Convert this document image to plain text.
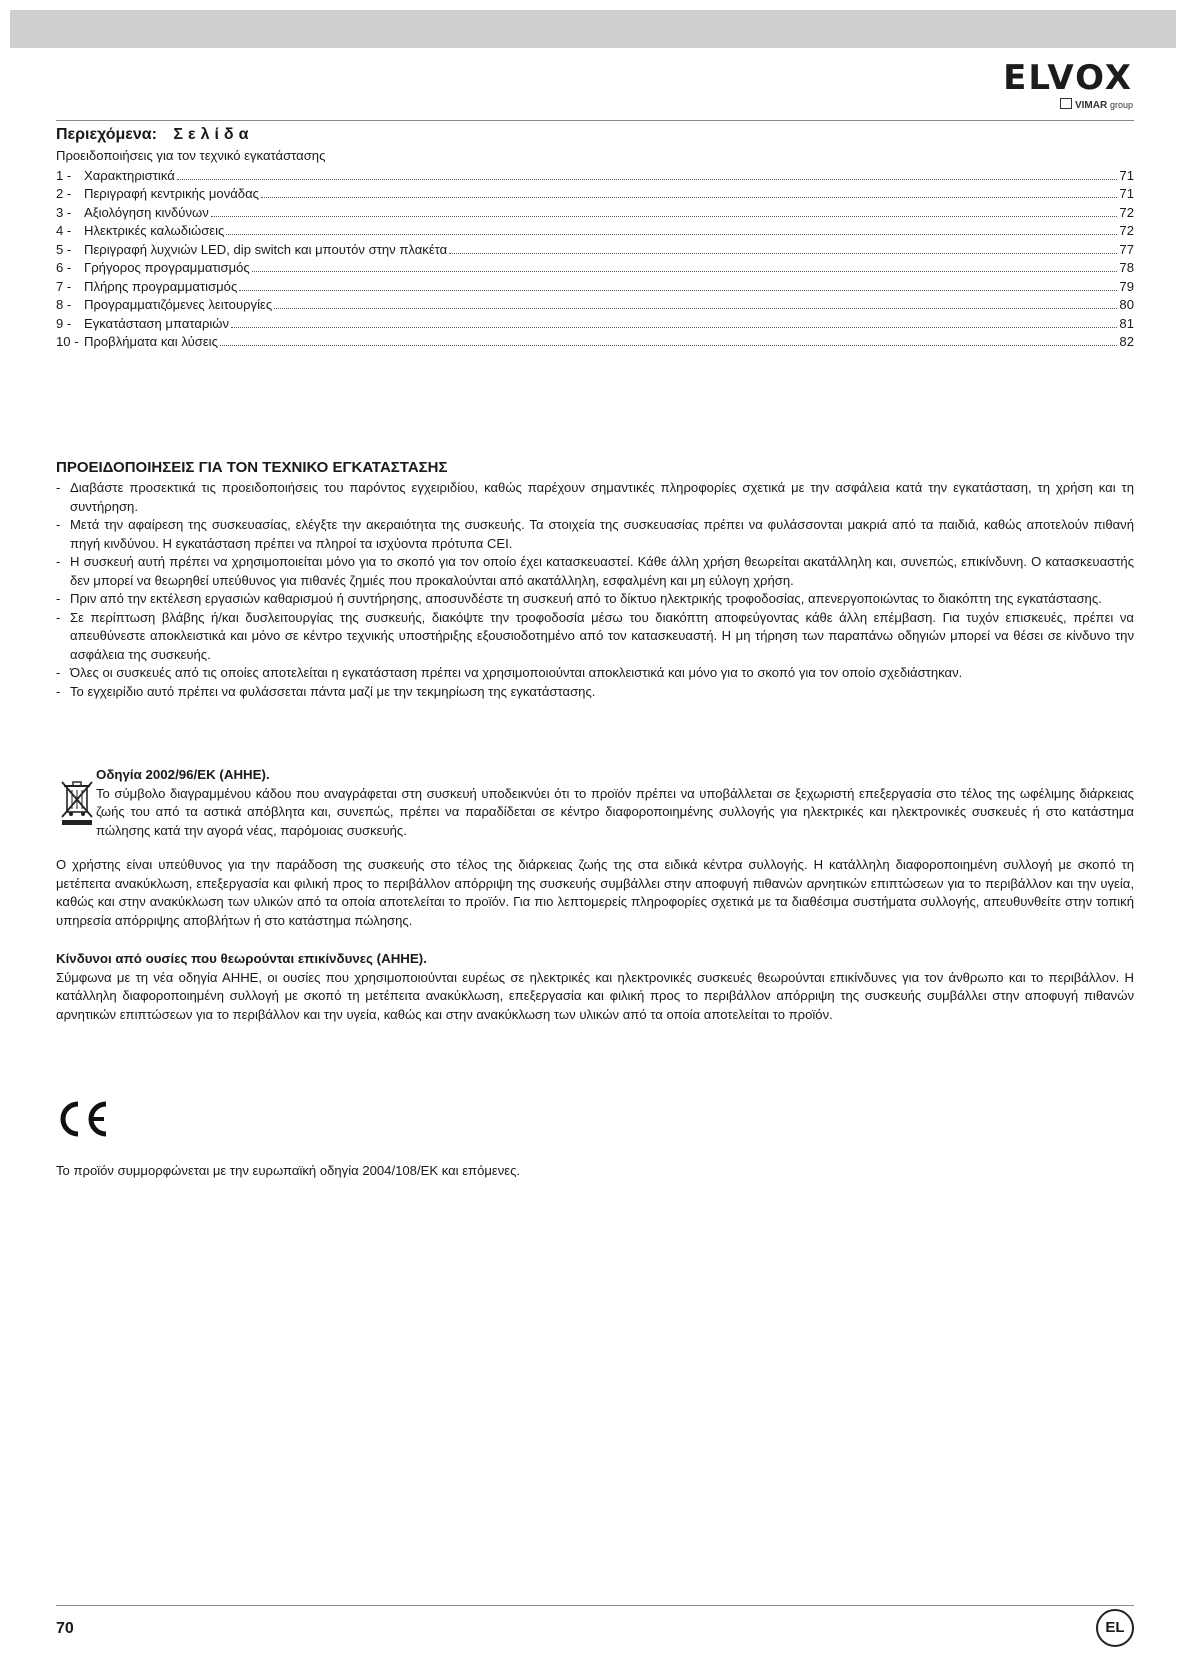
ELVOX
VIMAR group
Περιεχόμενα: Σελίδα
Προειδοποιήσεις για τον τεχνικό εγκατάστασης
1 - Χαρακτηριστικά	71
2 - Περιγραφή κεντρικής μονάδας	71
3 - Αξιολόγηση κινδύνων	72
4 - Ηλεκτρικές καλωδιώσεις	72
5 - Περιγραφή λυχνιών LED, dip switch και μπουτόν στην πλακέτα	77
6 - Γρήγορος προγραμματισμός	78
7 - Πλήρης προγραμματισμός	79
8 - Προγραμματιζόμενες λειτουργίες	80
9 - Εγκατάσταση μπαταριών	81
10 - Προβλήματα και λύσεις	82
ΠΡΟΕΙΔΟΠΟΙΗΣΕΙΣ ΓΙΑ ΤΟΝ ΤΕΧΝΙΚΟ ΕΓΚΑΤΑΣΤΑΣΗΣ
- Διαβάστε προσεκτικά τις προειδοποιήσεις του παρόντος εγχειριδίου, καθώς παρέχουν σημαντικές πληροφορίες σχετικά με την ασφάλεια κατά την εγκατάσταση, τη χρήση και τη συντήρηση.
- Μετά την αφαίρεση της συσκευασίας, ελέγξτε την ακεραιότητα της συσκευής. Τα στοιχεία της συσκευασίας πρέπει να φυλάσσονται μακριά από τα παιδιά, καθώς αποτελούν πιθανή πηγή κινδύνου. Η εγκατάσταση πρέπει να πληροί τα ισχύοντα πρότυπα CEI.
- Η συσκευή αυτή πρέπει να χρησιμοποιείται μόνο για το σκοπό για τον οποίο έχει κατασκευαστεί. Κάθε άλλη χρήση θεωρείται ακατάλληλη και, συνεπώς, επικίνδυνη. Ο κατασκευαστής δεν μπορεί να θεωρηθεί υπεύθυνος για πιθανές ζημιές που προκαλούνται από ακατάλληλη, εσφαλμένη και μη εύλογη χρήση.
- Πριν από την εκτέλεση εργασιών καθαρισμού ή συντήρησης, αποσυνδέστε τη συσκευή από το δίκτυο ηλεκτρικής τροφοδοσίας, απενεργοποιώντας το διακόπτη της εγκατάστασης.
- Σε περίπτωση βλάβης ή/και δυσλειτουργίας της συσκευής, διακόψτε την τροφοδοσία μέσω του διακόπτη αποφεύγοντας κάθε άλλη επέμβαση. Για τυχόν επισκευές, πρέπει να απευθύνεστε αποκλειστικά και μόνο σε κέντρο τεχνικής υποστήριξης εξουσιοδοτημένο από τον κατασκευαστή. Η μη τήρηση των παραπάνω οδηγιών μπορεί να θέσει σε κίνδυνο την ασφάλεια της συσκευής.
- Όλες οι συσκευές από τις οποίες αποτελείται η εγκατάσταση πρέπει να χρησιμοποιούνται αποκλειστικά και μόνο για το σκοπό για τον οποίο σχεδιάστηκαν.
- Το εγχειρίδιο αυτό πρέπει να φυλάσσεται πάντα μαζί με την τεκμηρίωση της εγκατάστασης.
Οδηγία 2002/96/ΕΚ (ΑΗΗΕ).

Το σύμβολο διαγραμμένου κάδου που αναγράφεται στη συσκευή υποδεικνύει ότι το προϊόν πρέπει να υποβάλλεται σε ξεχωριστή επεξεργασία στο τέλος της ωφέλιμης διάρκειας ζωής του από τα αστικά απόβλητα και, συνεπώς, πρέπει να παραδίδεται σε κέντρο διαφοροποιημένης συλλογής για ηλεκτρικές και ηλεκτρονικές συσκευές ή στο κατάστημα πώλησης κατά την αγορά νέας, παρόμοιας συσκευής.

Ο χρήστης είναι υπεύθυνος για την παράδοση της συσκευής στο τέλος της διάρκειας ζωής της στα ειδικά κέντρα συλλογής. Η κατάλληλη διαφοροποιημένη συλλογή με σκοπό τη μετέπειτα ανακύκλωση, επεξεργασία και φιλική προς το περιβάλλον απόρριψη της συσκευής συμβάλλει στην αποφυγή πιθανών αρνητικών επιπτώσεων για το περιβάλλον και την υγεία, καθώς και στην ανακύκλωση των υλικών από τα οποία αποτελείται το προϊόν. Για πιο λεπτομερείς πληροφορίες σχετικά με τα διαθέσιμα συστήματα συλλογής, απευθυνθείτε στην τοπική υπηρεσία απόρριψης αποβλήτων ή στο κατάστημα πώλησης.

Κίνδυνοι από ουσίες που θεωρούνται επικίνδυνες (ΑΗΗΕ).

Σύμφωνα με τη νέα οδηγία ΑΗΗΕ, οι ουσίες που χρησιμοποιούνται ευρέως σε ηλεκτρικές και ηλεκτρονικές συσκευές θεωρούνται επικίνδυνες για τον άνθρωπο και το περιβάλλον. Η κατάλληλη διαφοροποιημένη συλλογή με σκοπό τη μετέπειτα ανακύκλωση, επεξεργασία και φιλική προς το περιβάλλον απόρριψη της συσκευής συμβάλλει στην αποφυγή πιθανών αρνητικών επιπτώσεων για το περιβάλλον και την υγεία, καθώς και στην ανακύκλωση των υλικών από τα οποία αποτελείται το προϊόν.

Το προϊόν συμμορφώνεται με την ευρωπαϊκή οδηγία 2004/108/ΕΚ και επόμενες.

70	EL
